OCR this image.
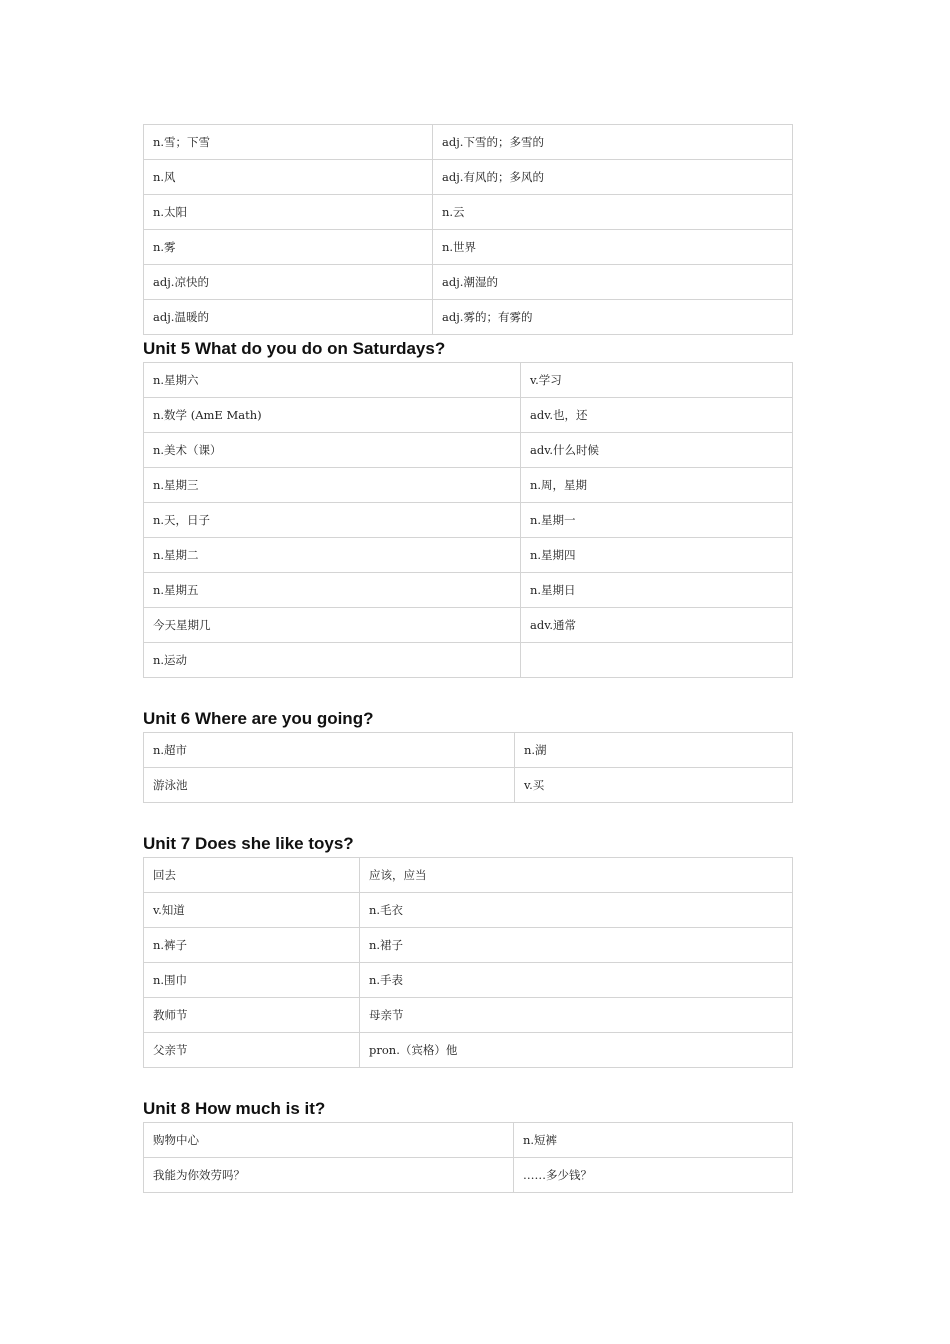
n.雪；下雪	adj.下雪的；多雪的
n.风	adj.有风的；多风的
n.太阳	n.云
n.雾	n.世界
adj.凉快的	adj.潮湿的
adj.温暖的	adj.雾的；有雾的
Unit 5 What do you do on Saturdays?
n.星期六	v.学习
n.数学 (AmE Math)	adv.也，还
n.美术（课）	adv.什么时候
n.星期三	n.周，星期
n.天，日子	n.星期一
n.星期二	n.星期四
n.星期五	n.星期日
今天星期几	adv.通常
n.运动	
Unit 6 Where are you going?
n.超市	n.湖
游泳池	v.买
Unit 7 Does she like toys?
回去	应该，应当
v.知道	n.毛衣
n.裤子	n.裙子
n.围巾	n.手表
教师节	母亲节
父亲节	pron.（宾格）他
Unit 8 How much is it?
购物中心	n.短裤
我能为你效劳吗？	……多少钱？
